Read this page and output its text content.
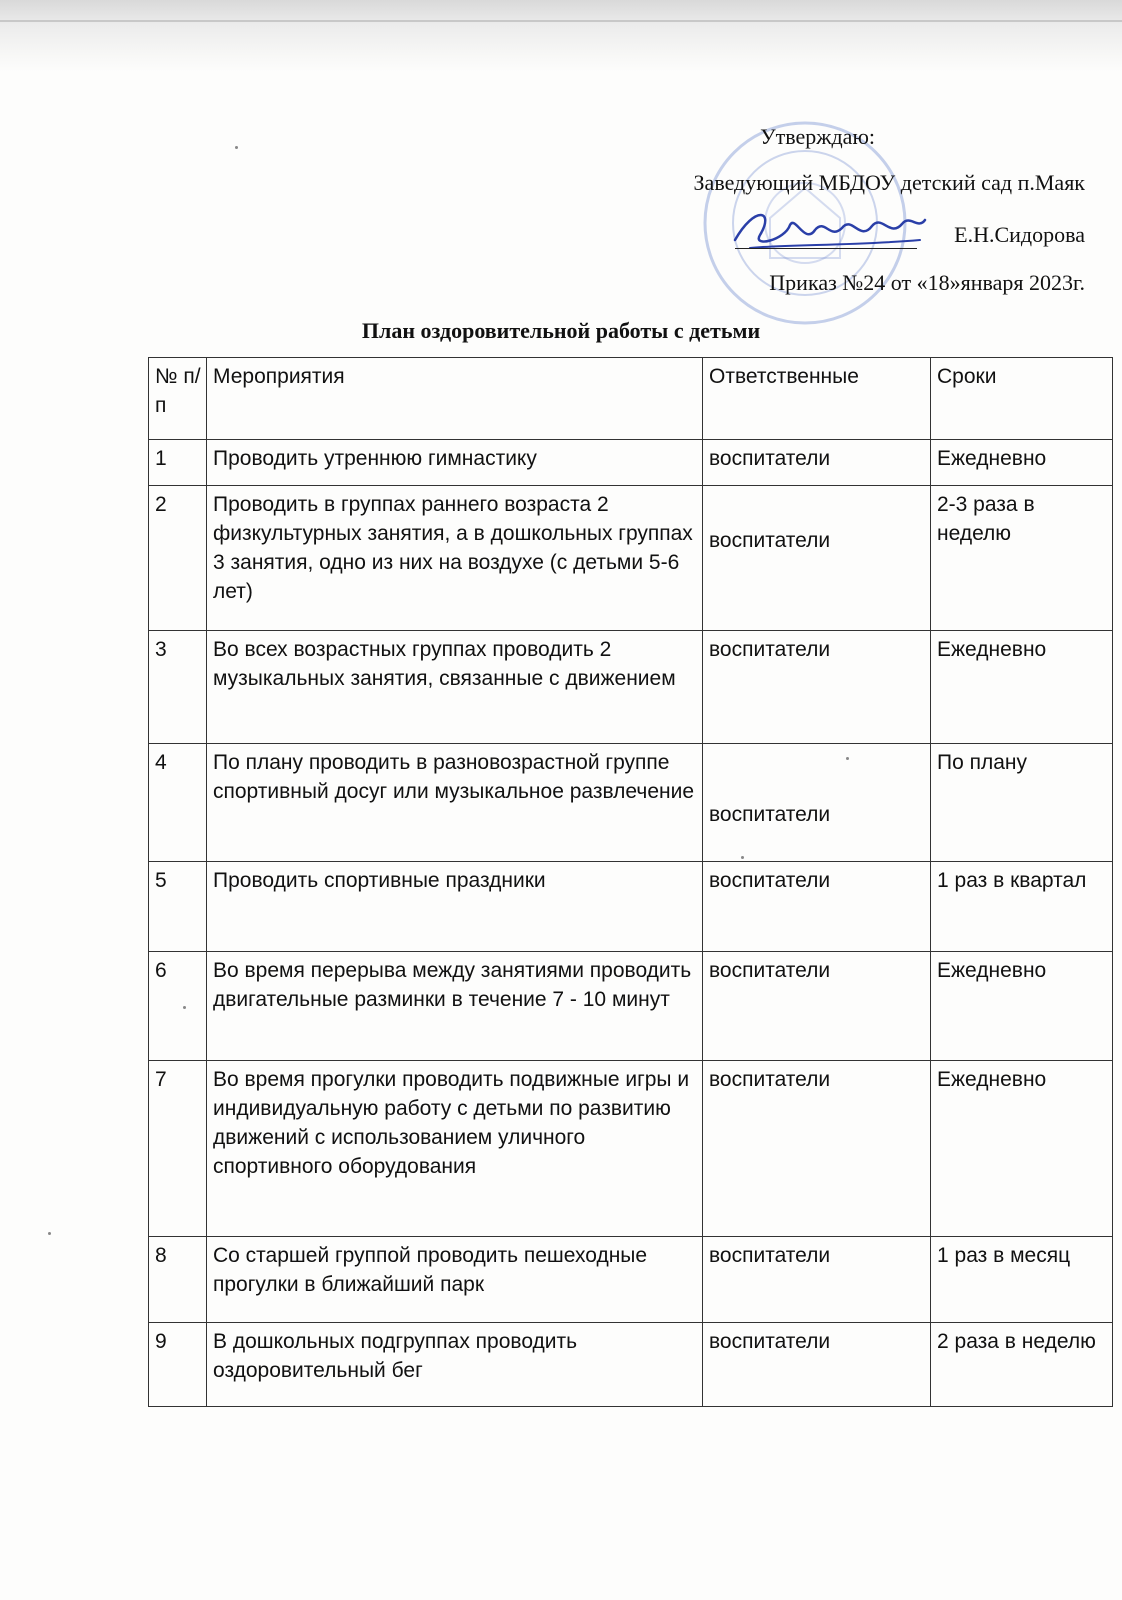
Утверждаю:
Заведующий МБДОУ детский сад п.Маяк
Е.Н.Сидорова
Приказ №24 от «18»января 2023г.
План оздоровительной работы с детьми
№ п/п	Мероприятия	Ответственные	Сроки
1	Проводить утреннюю гимнастику	воспитатели	Ежедневно
2	Проводить в группах раннего возраста 2 физкультурных занятия, а в дошкольных группах 3 занятия, одно из них на воздухе (с детьми 5-6 лет)	воспитатели	2-3 раза в неделю
3	Во всех возрастных группах проводить 2 музыкальных занятия, связанные с движением	воспитатели	Ежедневно
4	По плану проводить в разновозрастной группе спортивный досуг или музыкальное развлечение	воспитатели	По плану
5	Проводить спортивные праздники	воспитатели	1 раз в квартал
6	Во время перерыва между занятиями проводить двигательные разминки в течение 7 - 10 минут	воспитатели	Ежедневно
7	Во время прогулки проводить подвижные игры и индивидуальную работу с детьми по развитию движений с использованием уличного спортивного оборудования	воспитатели	Ежедневно
8	Со старшей группой проводить пешеходные прогулки в ближайший парк	воспитатели	1 раз в месяц
9	В дошкольных подгруппах проводить оздоровительный бег	воспитатели	2 раза в неделю
